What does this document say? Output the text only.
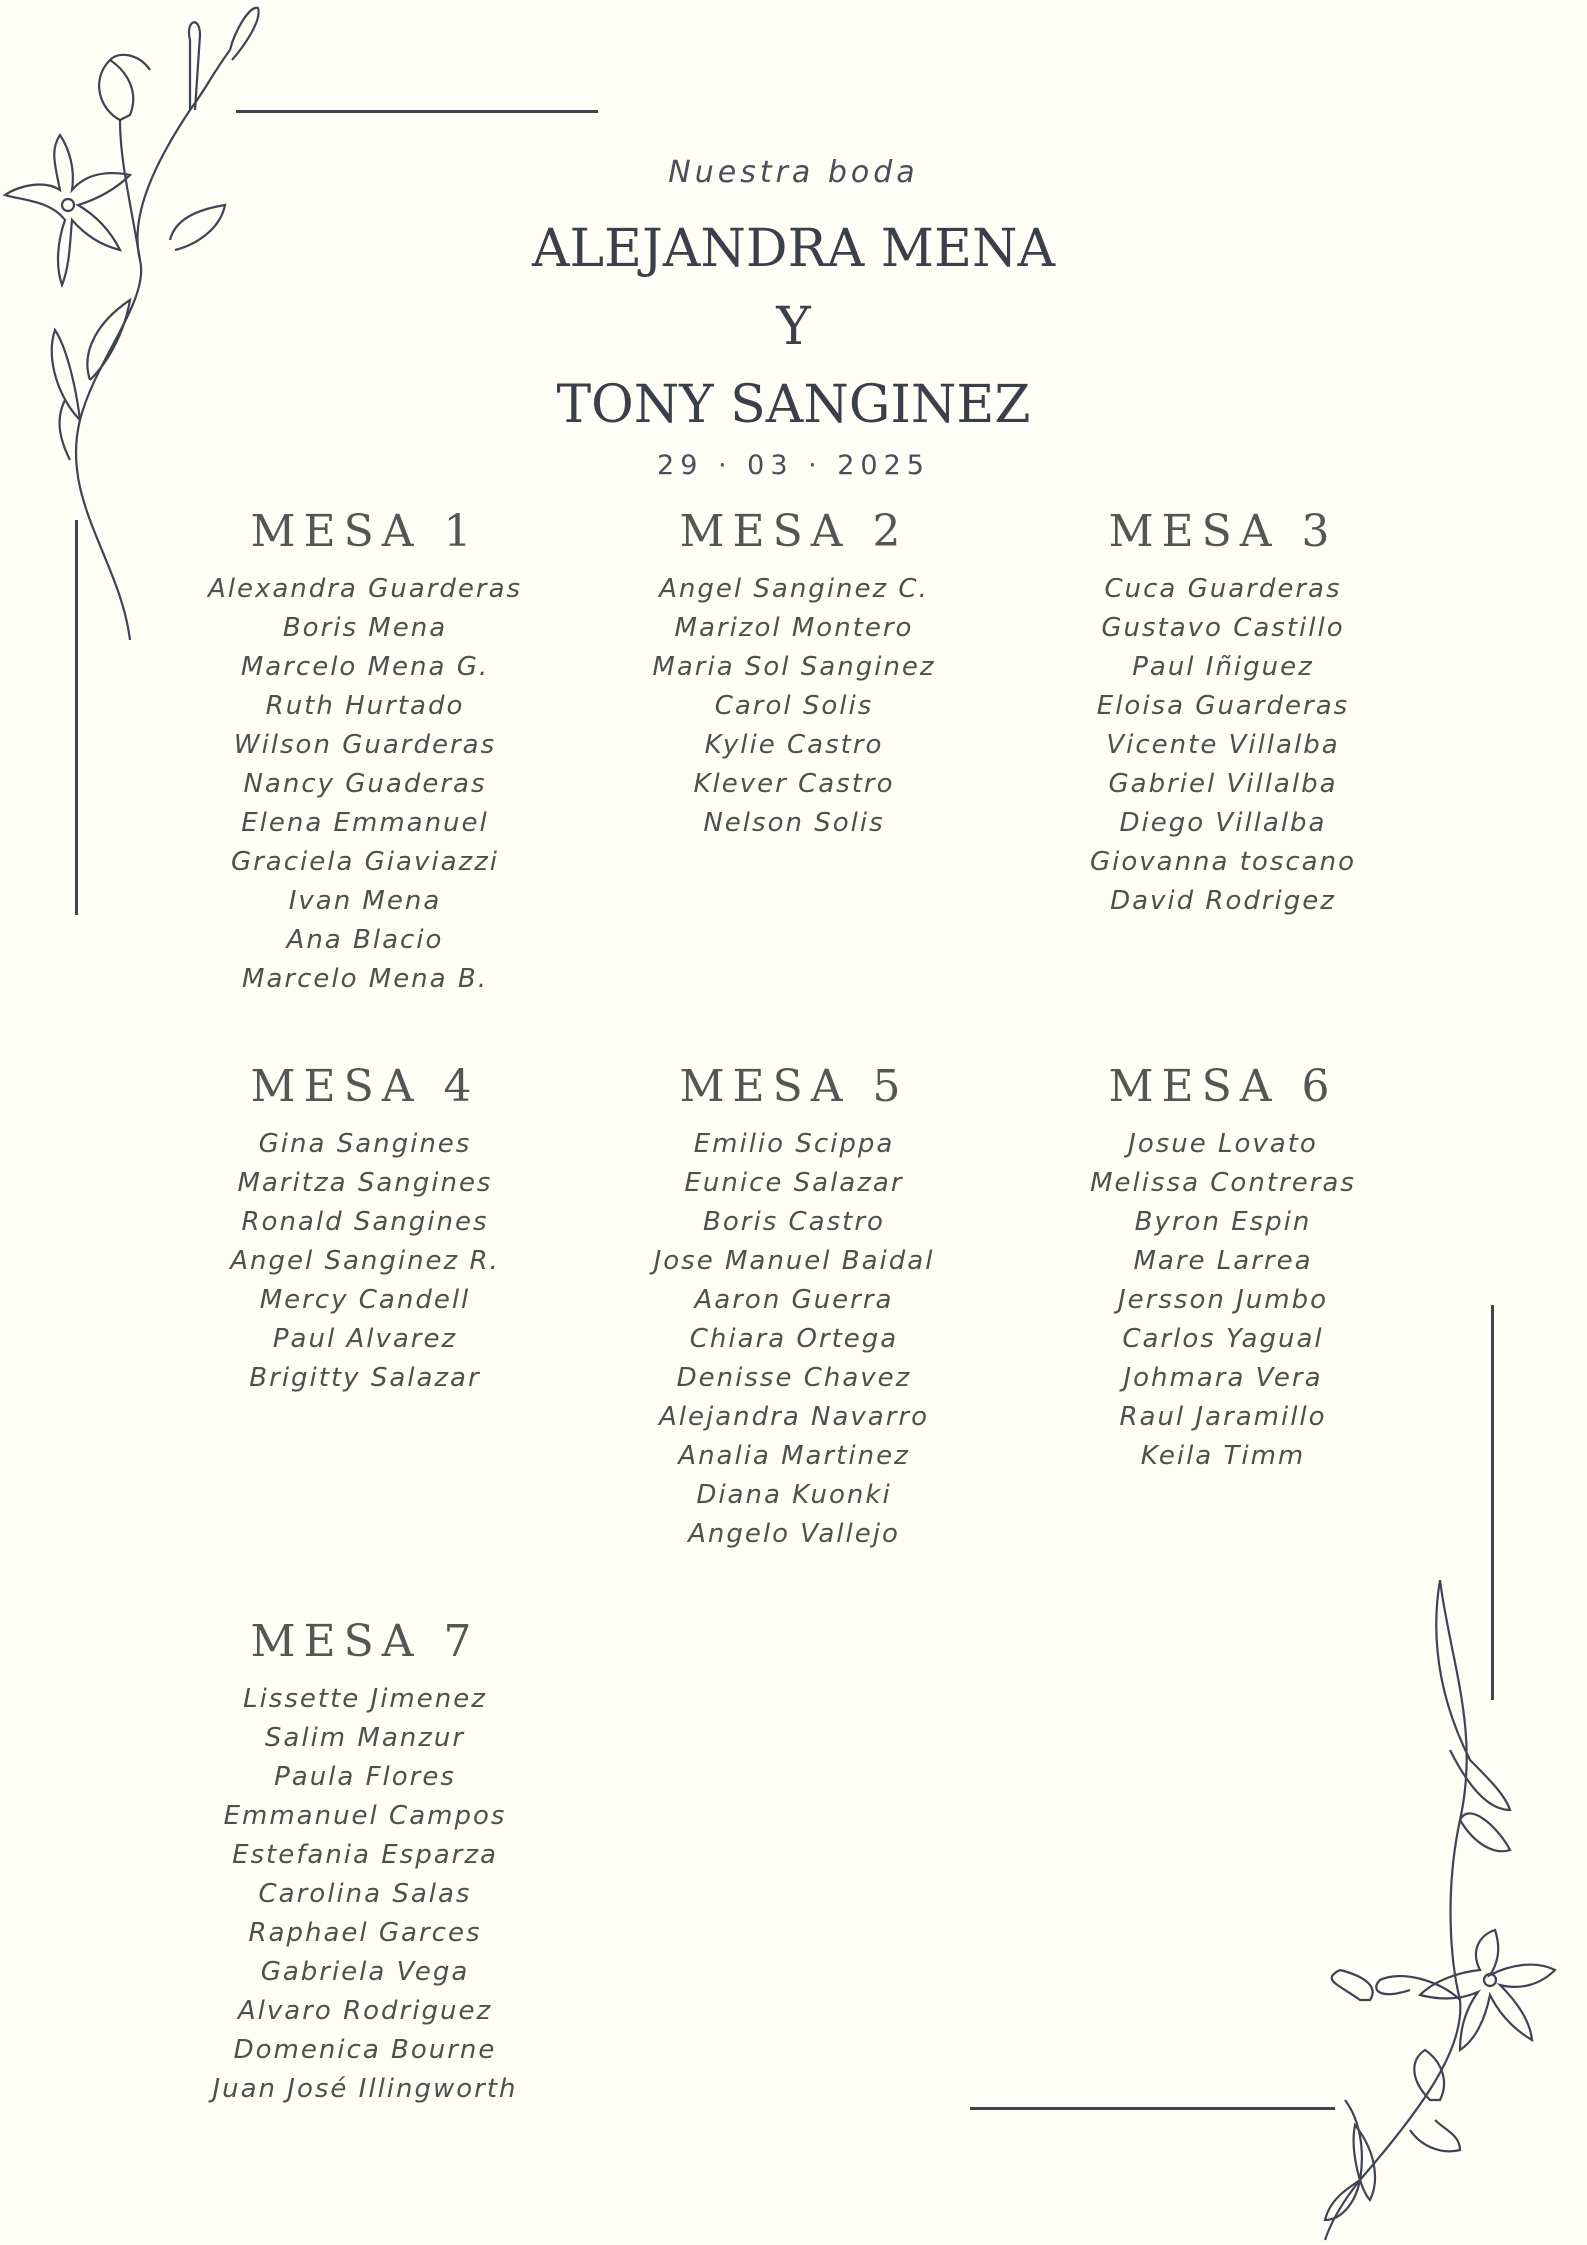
Nuestra boda
ALEJANDRA MENA
Y
TONY SANGINEZ
29 · 03 · 2025
MESA 1
Alexandra Guarderas
Boris Mena
Marcelo Mena G.
Ruth Hurtado
Wilson Guarderas
Nancy Guaderas
Elena Emmanuel
Graciela Giaviazzi
Ivan Mena
Ana Blacio
Marcelo Mena B.
MESA 2
Angel Sanginez C.
Marizol Montero
Maria Sol Sanginez
Carol Solis
Kylie Castro
Klever Castro
Nelson Solis
MESA 3
Cuca Guarderas
Gustavo Castillo
Paul Iñiguez
Eloisa Guarderas
Vicente Villalba
Gabriel Villalba
Diego Villalba
Giovanna toscano
David Rodrigez
MESA 4
Gina Sangines
Maritza Sangines
Ronald Sangines
Angel Sanginez R.
Mercy Candell
Paul Alvarez
Brigitty Salazar
MESA 5
Emilio Scippa
Eunice Salazar
Boris Castro
Jose Manuel Baidal
Aaron Guerra
Chiara Ortega
Denisse Chavez
Alejandra Navarro
Analia Martinez
Diana Kuonki
Angelo Vallejo
MESA 6
Josue Lovato
Melissa Contreras
Byron Espin
Mare Larrea
Jersson Jumbo
Carlos Yagual
Johmara Vera
Raul Jaramillo
Keila Timm
MESA 7
Lissette Jimenez
Salim Manzur
Paula Flores
Emmanuel Campos
Estefania Esparza
Carolina Salas
Raphael Garces
Gabriela Vega
Alvaro Rodriguez
Domenica Bourne
Juan José Illingworth
